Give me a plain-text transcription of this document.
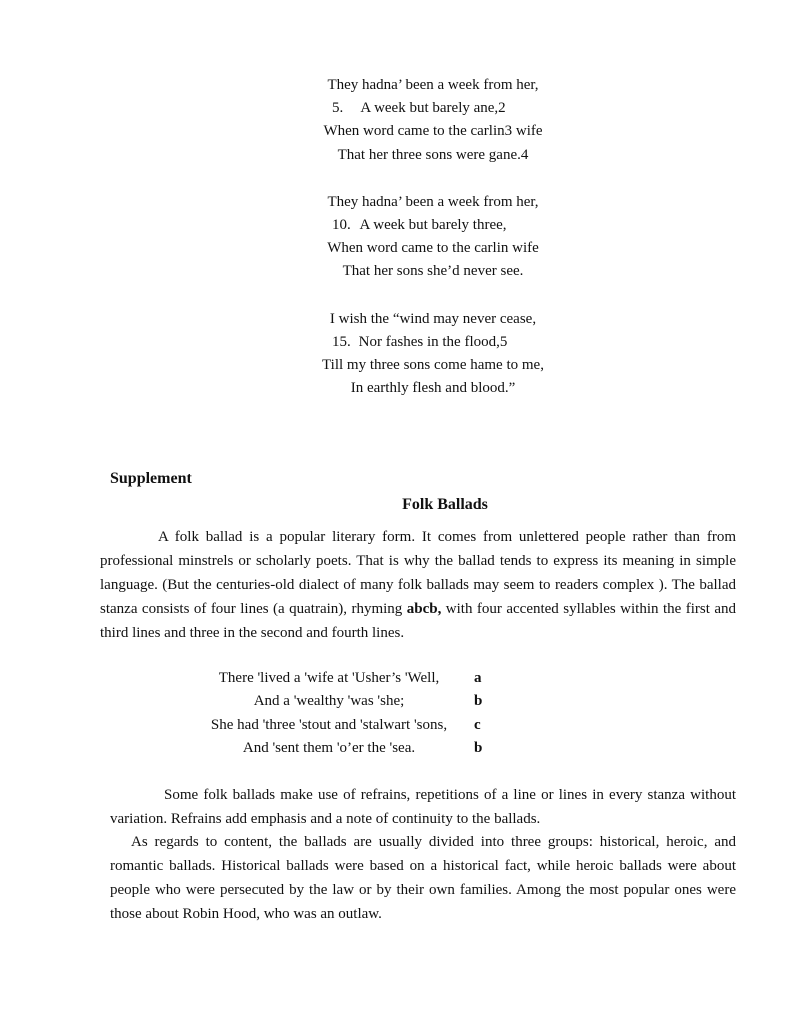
They hadna’ been a week from her,
5.	A week but barely ane,2
When word came to the carlin3 wife
That her three sons were gane.4
They hadna’ been a week from her,
10. A week but barely three,
When word came to the carlin wife
That her sons she’d never see.
I wish the “wind may never cease,
15. Nor fashes in the flood,5
Till my three sons come hame to me,
In earthly flesh and blood.”
Supplement
Folk Ballads

A folk ballad is a popular literary form. It comes from unlettered people rather than from professional minstrels or scholarly poets. That is why the ballad tends to express its meaning in simple language. (But the centuries-old dialect of many folk ballads may seem to readers complex ). The ballad stanza consists of four lines (a quatrain), rhyming abcb, with four accented syllables within the first and third lines and three in the second and fourth lines.

There 'lived a 'wife at 'Usher’s 'Well,	a
And a 'wealthy 'was 'she;	b
She had 'three 'stout and 'stalwart 'sons,	c
And 'sent them 'o’er the 'sea.	b

Some folk ballads make use of refrains, repetitions of a line or lines in every stanza without variation. Refrains add emphasis and a note of continuity to the ballads.

As regards to content, the ballads are usually divided into three groups: historical, heroic, and romantic ballads. Historical ballads were based on a historical fact, while heroic ballads were about people who were persecuted by the law or by their own families. Among the most popular ones were those about Robin Hood, who was an outlaw.
